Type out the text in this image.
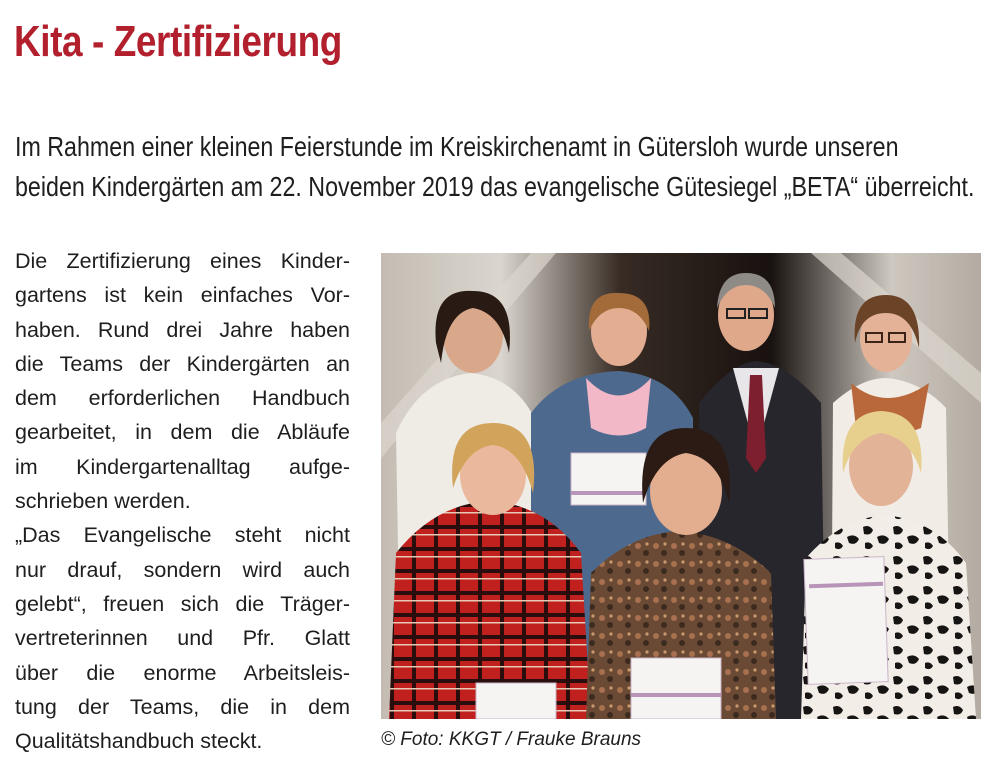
Kita - Zertifizierung
Im Rahmen einer kleinen Feierstunde im Kreiskirchenamt in Gütersloh wurde unseren
beiden Kindergärten am 22. November 2019 das evangelische Gütesiegel „BETA“ überreicht.
Die Zertifizierung eines Kinder-
gartens ist kein einfaches Vor-
haben. Rund drei Jahre haben
die Teams der Kindergärten an
dem erforderlichen Handbuch
gearbeitet, in dem die Abläufe
im Kindergartenalltag aufge-
schrieben werden.
„Das Evangelische steht nicht
nur drauf, sondern wird auch
gelebt“, freuen sich die Träger-
vertreterinnen und Pfr. Glatt
über die enorme Arbeitsleis-
tung der Teams, die in dem
Qualitätshandbuch steckt.	© Foto: KKGT / Frauke Brauns
